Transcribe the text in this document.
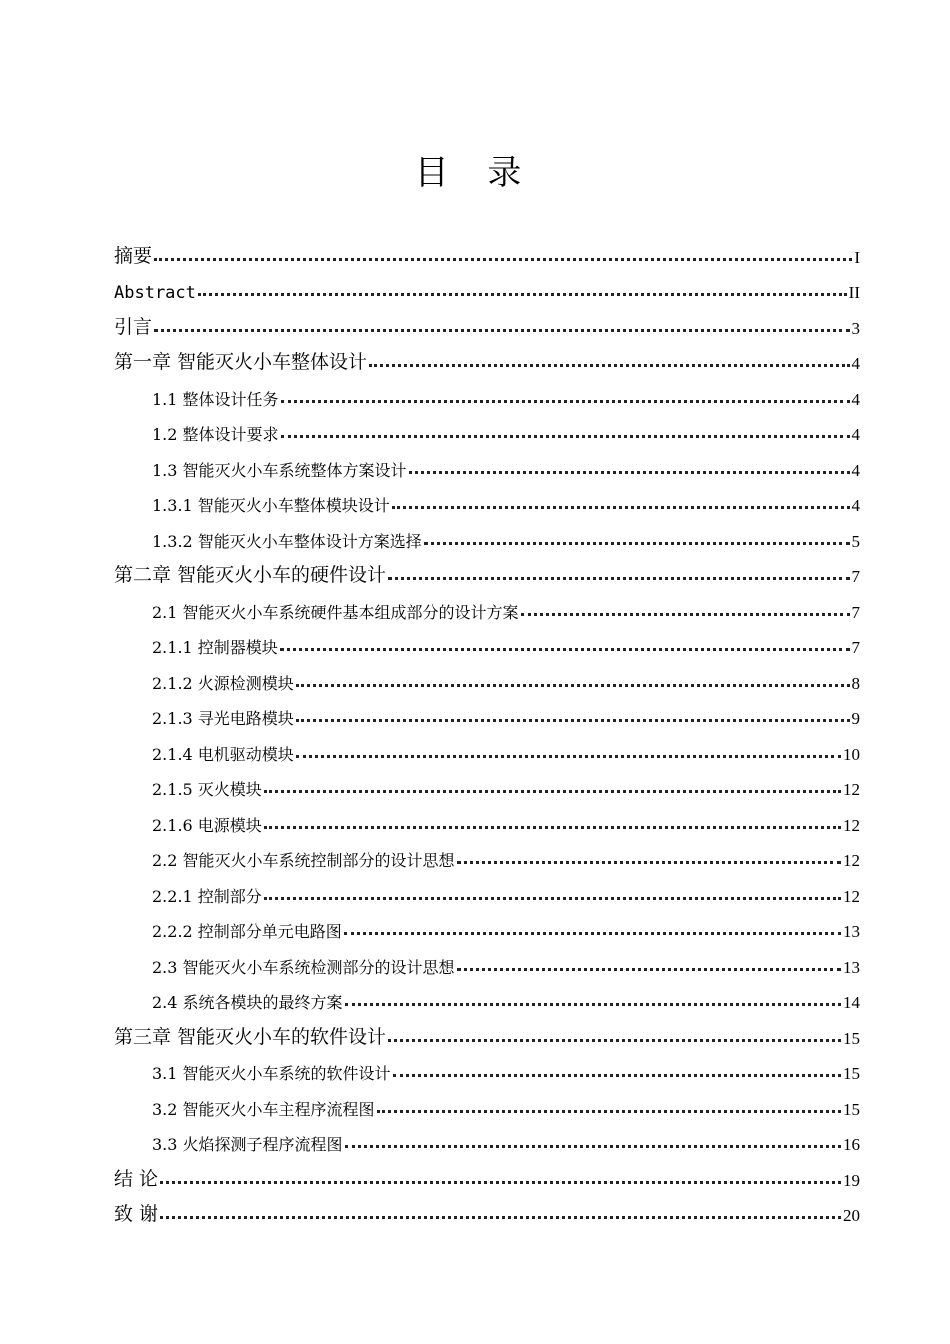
目 录
摘要	I
Abstract	II
引言	3
第一章 智能灭火小车整体设计	4
1.1 整体设计任务	4
1.2 整体设计要求	4
1.3 智能灭火小车系统整体方案设计	4
1.3.1 智能灭火小车整体模块设计	4
1.3.2 智能灭火小车整体设计方案选择	5
第二章 智能灭火小车的硬件设计	7
2.1 智能灭火小车系统硬件基本组成部分的设计方案	7
2.1.1 控制器模块	7
2.1.2 火源检测模块	8
2.1.3 寻光电路模块	9
2.1.4 电机驱动模块	10
2.1.5 灭火模块	12
2.1.6 电源模块	12
2.2 智能灭火小车系统控制部分的设计思想	12
2.2.1 控制部分	12
2.2.2 控制部分单元电路图	13
2.3 智能灭火小车系统检测部分的设计思想	13
2.4 系统各模块的最终方案	14
第三章 智能灭火小车的软件设计	15
3.1 智能灭火小车系统的软件设计	15
3.2 智能灭火小车主程序流程图	15
3.3 火焰探测子程序流程图	16
结 论	19
致 谢	20
